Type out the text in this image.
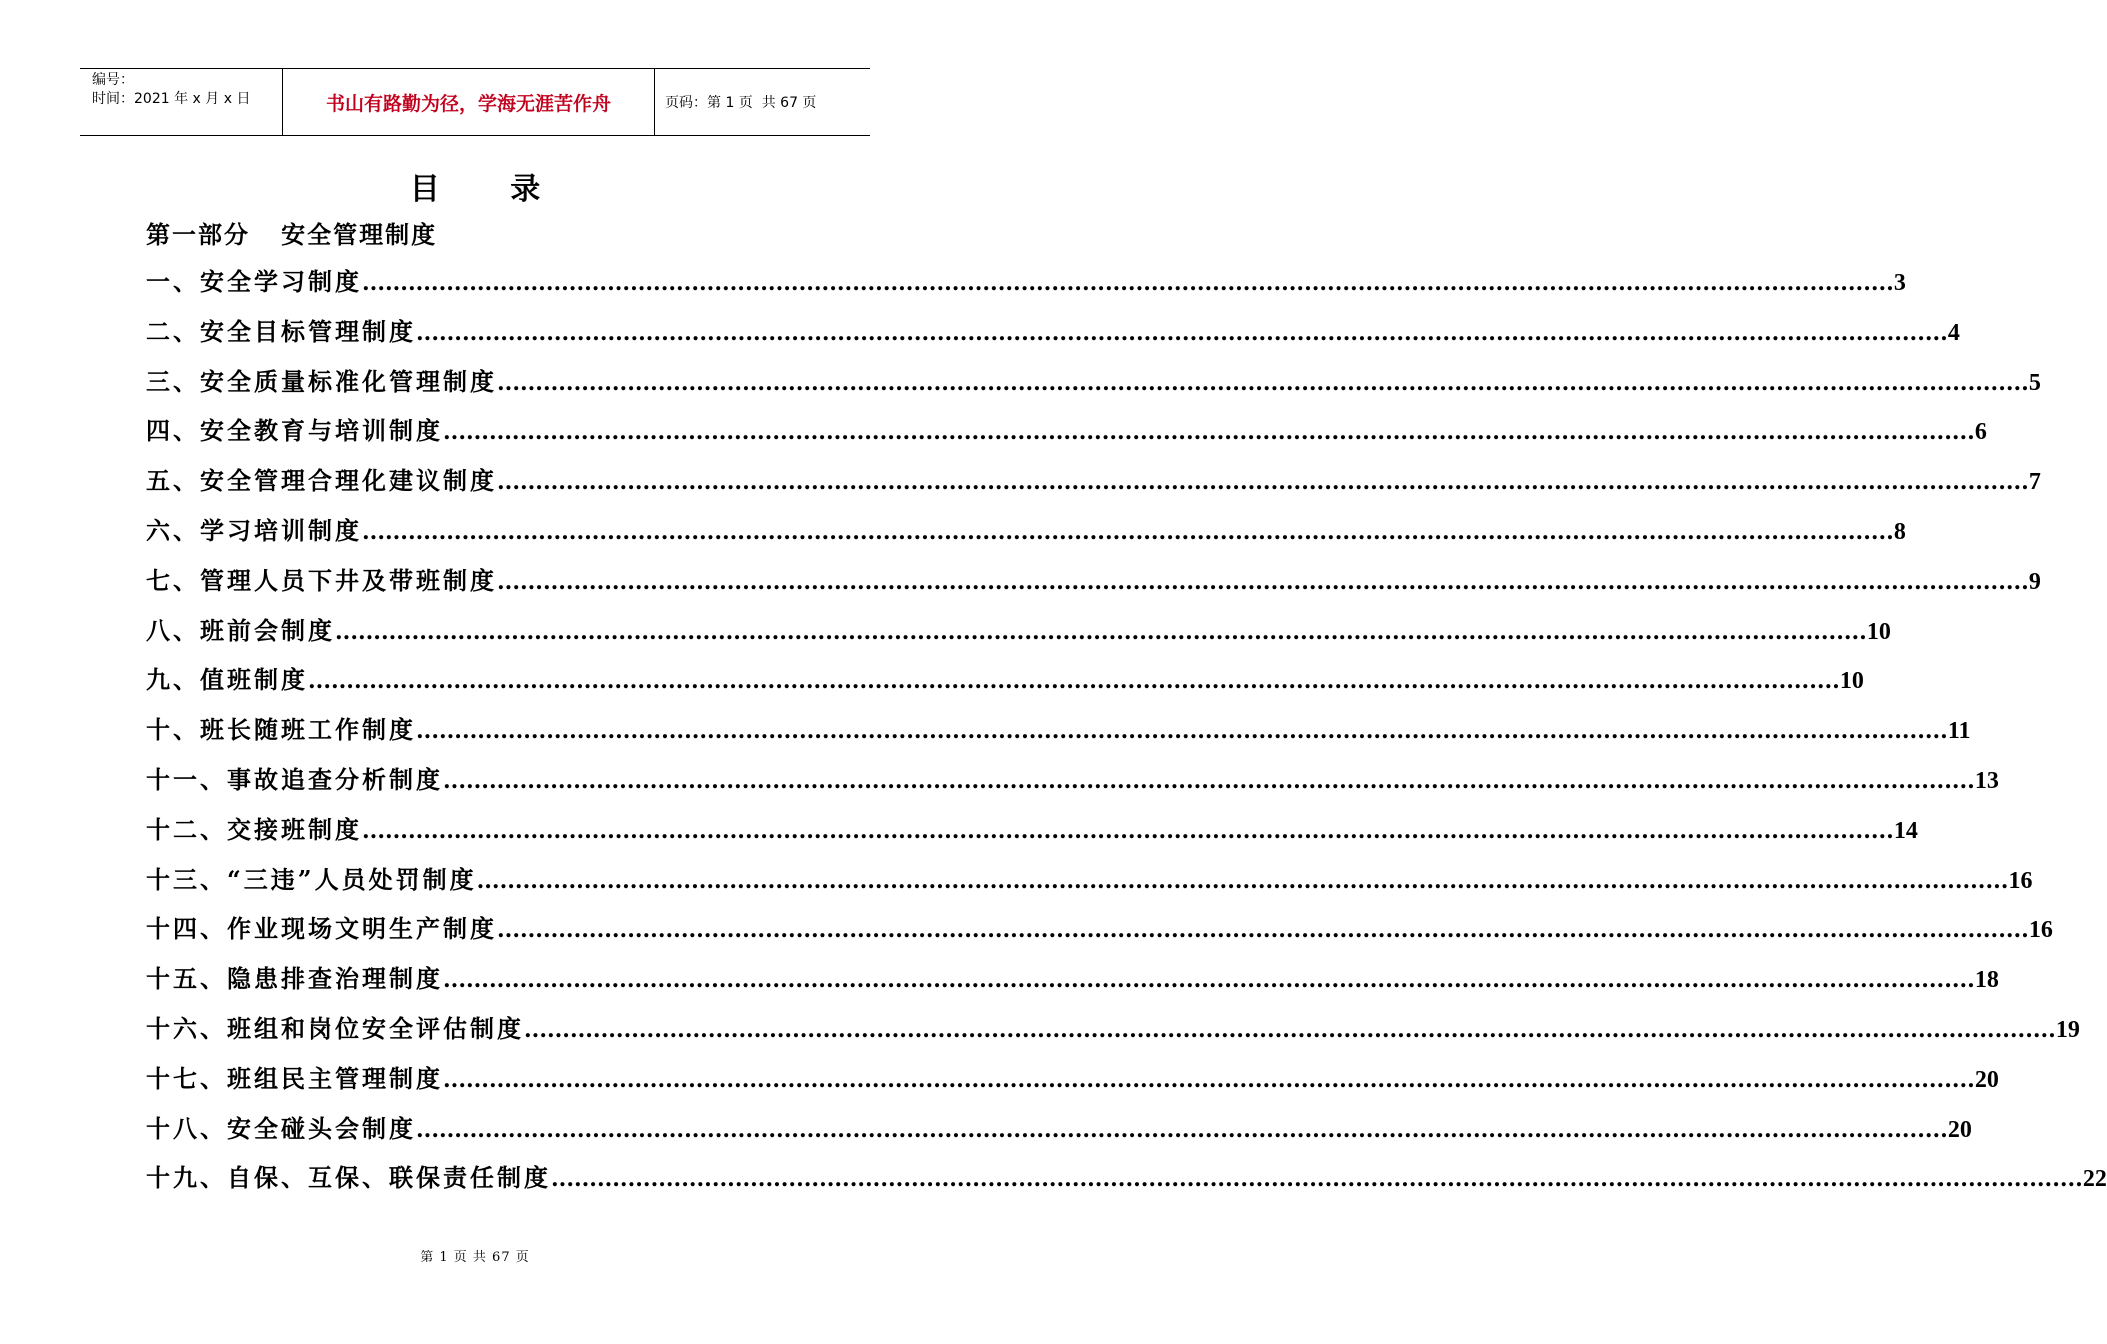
编号：
时间：2021 年 x 月 x 日	书山有路勤为径，学海无涯苦作舟	页码：第 1 页  共 67 页
目 录
第一部分   安全管理制度
一、安全学习制度 ........................................................................................................................................................................................................ 3
二、安全目标管理制度 ........................................................................................................................................................................................................ 4
三、安全质量标准化管理制度 ........................................................................................................................................................................................................ 5
四、安全教育与培训制度 ........................................................................................................................................................................................................ 6
五、安全管理合理化建议制度 ........................................................................................................................................................................................................ 7
六、学习培训制度 ........................................................................................................................................................................................................ 8
七、管理人员下井及带班制度 ........................................................................................................................................................................................................ 9
八、班前会制度 ........................................................................................................................................................................................................ 10
九、值班制度 ........................................................................................................................................................................................................ 10
十、班长随班工作制度 ........................................................................................................................................................................................................ 11
十一、事故追查分析制度 ........................................................................................................................................................................................................ 13
十二、交接班制度 ........................................................................................................................................................................................................ 14
十三、“三违”人员处罚制度 ........................................................................................................................................................................................................ 16
十四、作业现场文明生产制度 ........................................................................................................................................................................................................ 16
十五、隐患排查治理制度 ........................................................................................................................................................................................................ 18
十六、班组和岗位安全评估制度 ........................................................................................................................................................................................................ 19
十七、班组民主管理制度 ........................................................................................................................................................................................................ 20
十八、安全碰头会制度 ........................................................................................................................................................................................................ 20
十九、自保、互保、联保责任制度 ........................................................................................................................................................................................................ 22
第 1 页 共 67 页
